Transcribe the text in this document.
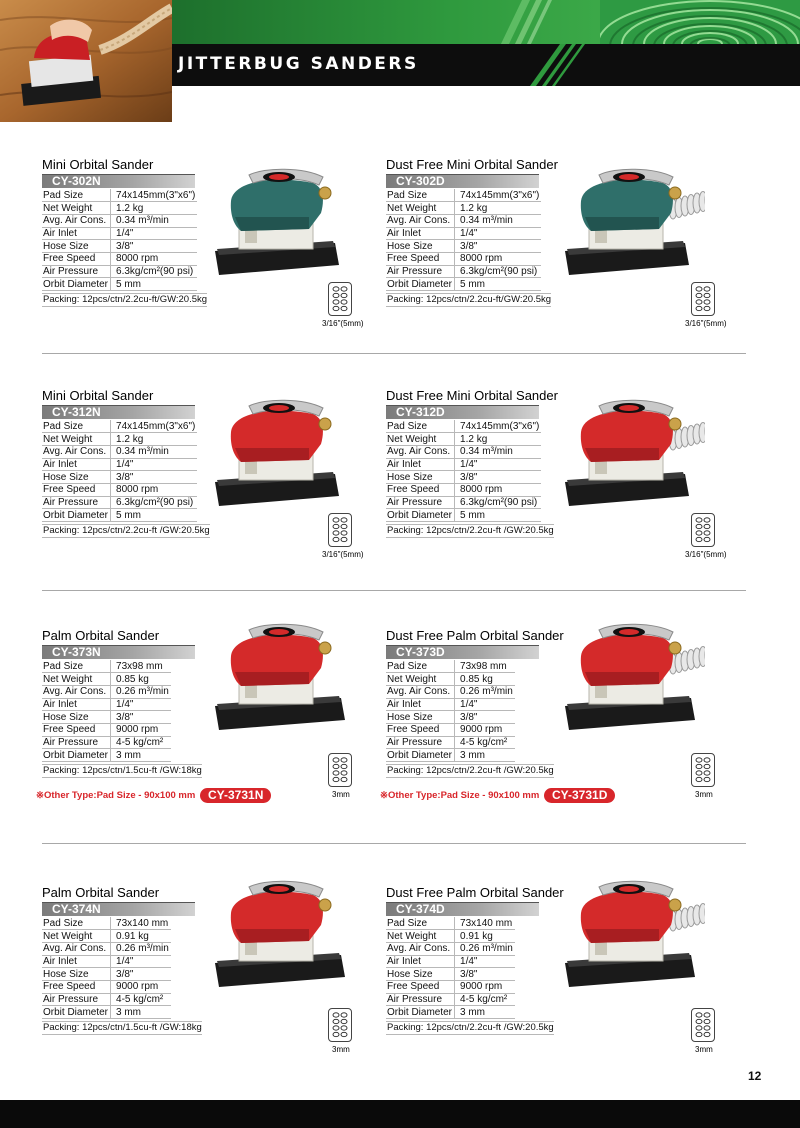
JITTERBUG SANDERS
Mini Orbital Sander
CY-302N
Pad Size	74x145mm(3"x6")
Net Weight	1.2 kg
Avg. Air Cons.	0.34 m³/min
Air Inlet	1/4"
Hose Size	3/8"
Free Speed	8000 rpm
Air Pressure	6.3kg/cm²(90 psi)
Orbit Diameter	5 mm
Packing: 12pcs/ctn/2.2cu-ft/GW:20.5kg
3/16"(5mm)
Dust Free Mini Orbital Sander
CY-302D
Pad Size	74x145mm(3"x6")
Net Weight	1.2 kg
Avg. Air Cons.	0.34 m³/min
Air Inlet	1/4"
Hose Size	3/8"
Free Speed	8000 rpm
Air Pressure	6.3kg/cm²(90 psi)
Orbit Diameter	5 mm
Packing: 12pcs/ctn/2.2cu-ft/GW:20.5kg
3/16"(5mm)
Mini Orbital Sander
CY-312N
Pad Size	74x145mm(3"x6")
Net Weight	1.2 kg
Avg. Air Cons.	0.34 m³/min
Air Inlet	1/4"
Hose Size	3/8"
Free Speed	8000 rpm
Air Pressure	6.3kg/cm²(90 psi)
Orbit Diameter	5 mm
Packing: 12pcs/ctn/2.2cu-ft /GW:20.5kg
3/16"(5mm)
Dust Free Mini Orbital Sander
CY-312D
Pad Size	74x145mm(3"x6")
Net Weight	1.2 kg
Avg. Air Cons.	0.34 m³/min
Air Inlet	1/4"
Hose Size	3/8"
Free Speed	8000 rpm
Air Pressure	6.3kg/cm²(90 psi)
Orbit Diameter	5 mm
Packing: 12pcs/ctn/2.2cu-ft /GW:20.5kg
3/16"(5mm)
Palm Orbital Sander
CY-373N
Pad Size	73x98 mm
Net Weight	0.85 kg
Avg. Air Cons.	0.26 m³/min
Air Inlet	1/4"
Hose Size	3/8"
Free Speed	9000 rpm
Air Pressure	4-5 kg/cm²
Orbit Diameter	3 mm
Packing: 12pcs/ctn/1.5cu-ft /GW:18kg
3mm
※Other Type:Pad Size - 90x100 mm	CY-3731N
Dust Free Palm Orbital Sander
CY-373D
Pad Size	73x98 mm
Net Weight	0.85 kg
Avg. Air Cons.	0.26 m³/min
Air Inlet	1/4"
Hose Size	3/8"
Free Speed	9000 rpm
Air Pressure	4-5 kg/cm²
Orbit Diameter	3 mm
Packing: 12pcs/ctn/2.2cu-ft /GW:20.5kg
3mm
※Other Type:Pad Size - 90x100 mm	CY-3731D
Palm Orbital Sander
CY-374N
Pad Size	73x140 mm
Net Weight	0.91 kg
Avg. Air Cons.	0.26 m³/min
Air Inlet	1/4"
Hose Size	3/8"
Free Speed	9000 rpm
Air Pressure	4-5 kg/cm²
Orbit Diameter	3 mm
Packing: 12pcs/ctn/1.5cu-ft /GW:18kg
3mm
Dust Free Palm Orbital Sander
CY-374D
Pad Size	73x140 mm
Net Weight	0.91 kg
Avg. Air Cons.	0.26 m³/min
Air Inlet	1/4"
Hose Size	3/8"
Free Speed	9000 rpm
Air Pressure	4-5 kg/cm²
Orbit Diameter	3 mm
Packing: 12pcs/ctn/2.2cu-ft /GW:20.5kg
3mm
12
